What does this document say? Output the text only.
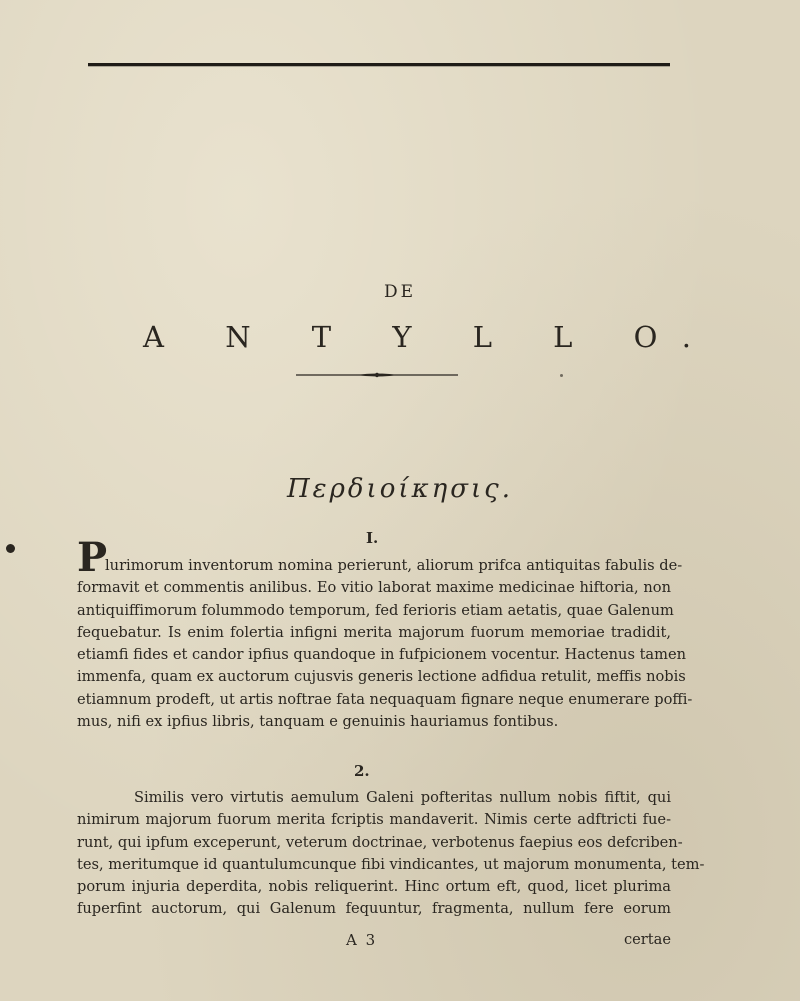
DE
A N T Y L L O.
Περδιοίκησις.
I.
P
lurimorum inventorum nomina perierunt, aliorum prifca antiquitas fabulis de-
formavit et commentis anilibus. Eo vitio laborat maxime medicinae hiftoria, non
antiquiffimorum folummodo temporum, fed ferioris etiam aetatis, quae Galenum
fequebatur. Is enim folertia infigni merita majorum fuorum memoriae tradidit,
etiamfi fides et candor ipfius quandoque in fufpicionem vocentur. Hactenus tamen
immenfa, quam ex auctorum cujusvis generis lectione adfidua retulit, meffis nobis
etiamnum prodeft, ut artis noftrae fata nequaquam fignare neque enumerare poffi-
mus, nifi ex ipfius libris, tanquam e genuinis hauriamus fontibus.
2.
Similis vero virtutis aemulum Galeni pofteritas nullum nobis fiftit, qui
nimirum majorum fuorum merita fcriptis mandaverit. Nimis certe adftricti fue-
runt, qui ipfum exceperunt, veterum doctrinae, verbotenus faepius eos defcriben-
tes, meritumque id quantulumcunque fibi vindicantes, ut majorum monumenta, tem-
porum injuria deperdita, nobis reliquerint. Hinc ortum eft, quod, licet plurima
fuperfint auctorum, qui Galenum fequuntur, fragmenta, nullum fere eorum
A 3	certae
